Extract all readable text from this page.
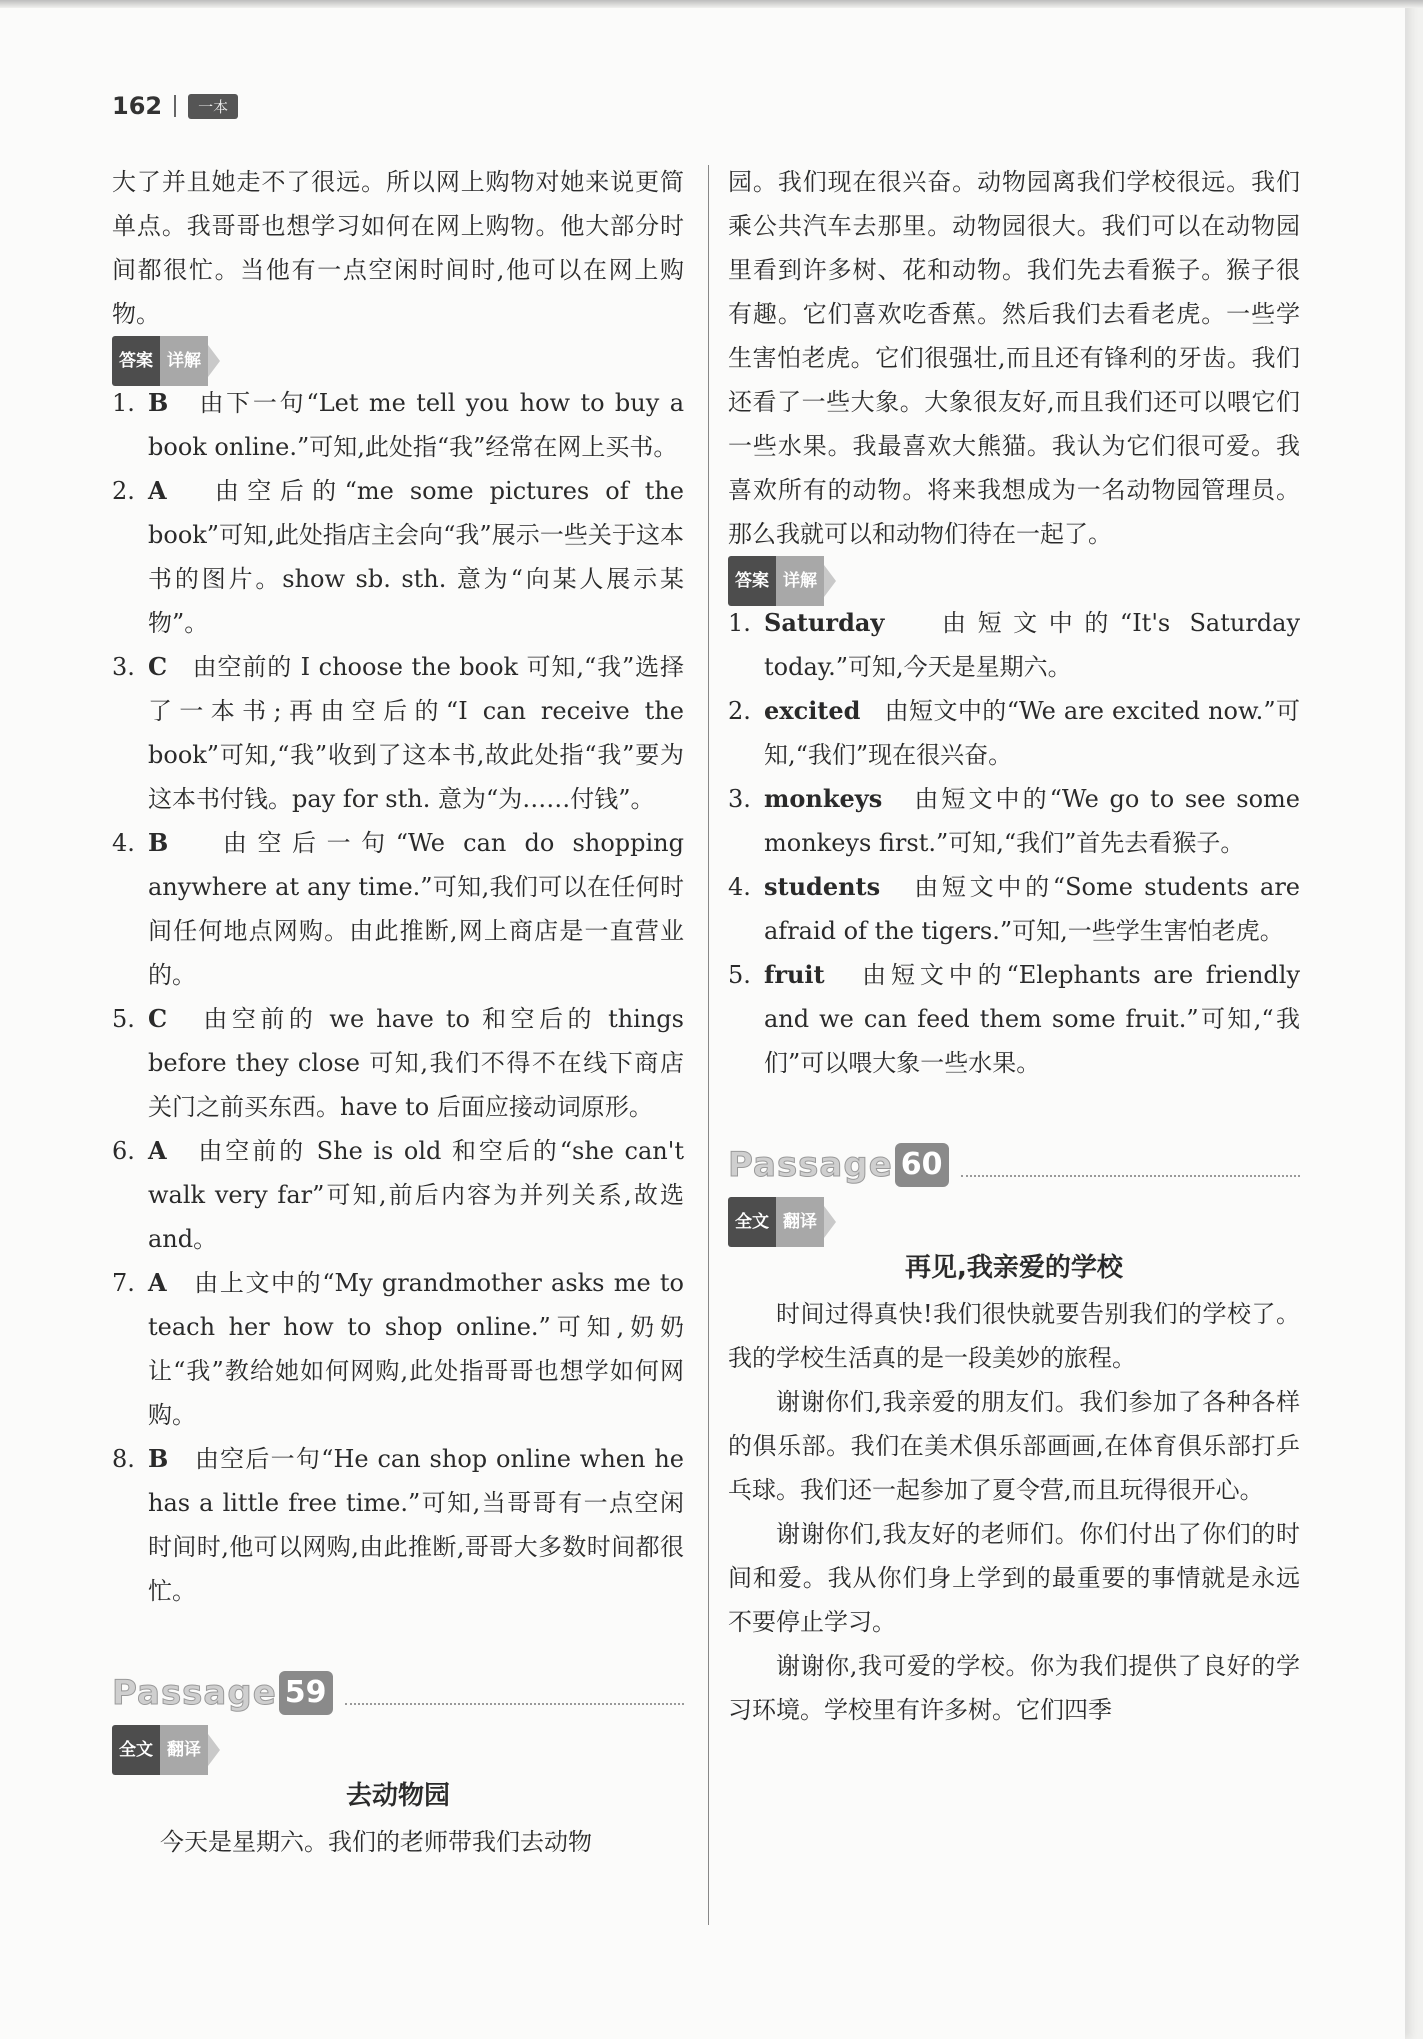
162	一本

大了并且她走不了很远。所以网上购物对她来说更简单点。我哥哥也想学习如何在网上购物。他大部分时间都很忙。当他有一点空闲时间时,他可以在网上购物。

答案 详解
1. B 由下一句“Let me tell you how to buy a book online.”可知,此处指“我”经常在网上买书。
2. A 由空后的“me some pictures of the book”可知,此处指店主会向“我”展示一些关于这本书的图片。show sb. sth. 意为“向某人展示某物”。
3. C 由空前的 I choose the book 可知,“我”选择了一本书;再由空后的“I can receive the book”可知,“我”收到了这本书,故此处指“我”要为这本书付钱。pay for sth. 意为“为……付钱”。
4. B 由空后一句“We can do shopping anywhere at any time.”可知,我们可以在任何时间任何地点网购。由此推断,网上商店是一直营业的。
5. C 由空前的 we have to 和空后的 things before they close 可知,我们不得不在线下商店关门之前买东西。have to 后面应接动词原形。
6. A 由空前的 She is old 和空后的“she can't walk very far”可知,前后内容为并列关系,故选 and。
7. A 由上文中的“My grandmother asks me to teach her how to shop online.”可知,奶奶让“我”教给她如何网购,此处指哥哥也想学如何网购。
8. B 由空后一句“He can shop online when he has a little free time.”可知,当哥哥有一点空闲时间时,他可以网购,由此推断,哥哥大多数时间都很忙。
Passage 59
全文 翻译
去动物园

今天是星期六。我们的老师带我们去动物

园。我们现在很兴奋。动物园离我们学校很远。我们乘公共汽车去那里。动物园很大。我们可以在动物园里看到许多树、花和动物。我们先去看猴子。猴子很有趣。它们喜欢吃香蕉。然后我们去看老虎。一些学生害怕老虎。它们很强壮,而且还有锋利的牙齿。我们还看了一些大象。大象很友好,而且我们还可以喂它们一些水果。我最喜欢大熊猫。我认为它们很可爱。我喜欢所有的动物。将来我想成为一名动物园管理员。那么我就可以和动物们待在一起了。

答案 详解
1. Saturday 由短文中的“It's Saturday today.”可知,今天是星期六。
2. excited 由短文中的“We are excited now.”可知,“我们”现在很兴奋。
3. monkeys 由短文中的“We go to see some monkeys first.”可知,“我们”首先去看猴子。
4. students 由短文中的“Some students are afraid of the tigers.”可知,一些学生害怕老虎。
5. fruit 由短文中的“Elephants are friendly and we can feed them some fruit.”可知,“我们”可以喂大象一些水果。
Passage 60
全文 翻译
再见,我亲爱的学校

时间过得真快!我们很快就要告别我们的学校了。我的学校生活真的是一段美妙的旅程。

谢谢你们,我亲爱的朋友们。我们参加了各种各样的俱乐部。我们在美术俱乐部画画,在体育俱乐部打乒乓球。我们还一起参加了夏令营,而且玩得很开心。

谢谢你们,我友好的老师们。你们付出了你们的时间和爱。我从你们身上学到的最重要的事情就是永远不要停止学习。

谢谢你,我可爱的学校。你为我们提供了良好的学习环境。学校里有许多树。它们四季
